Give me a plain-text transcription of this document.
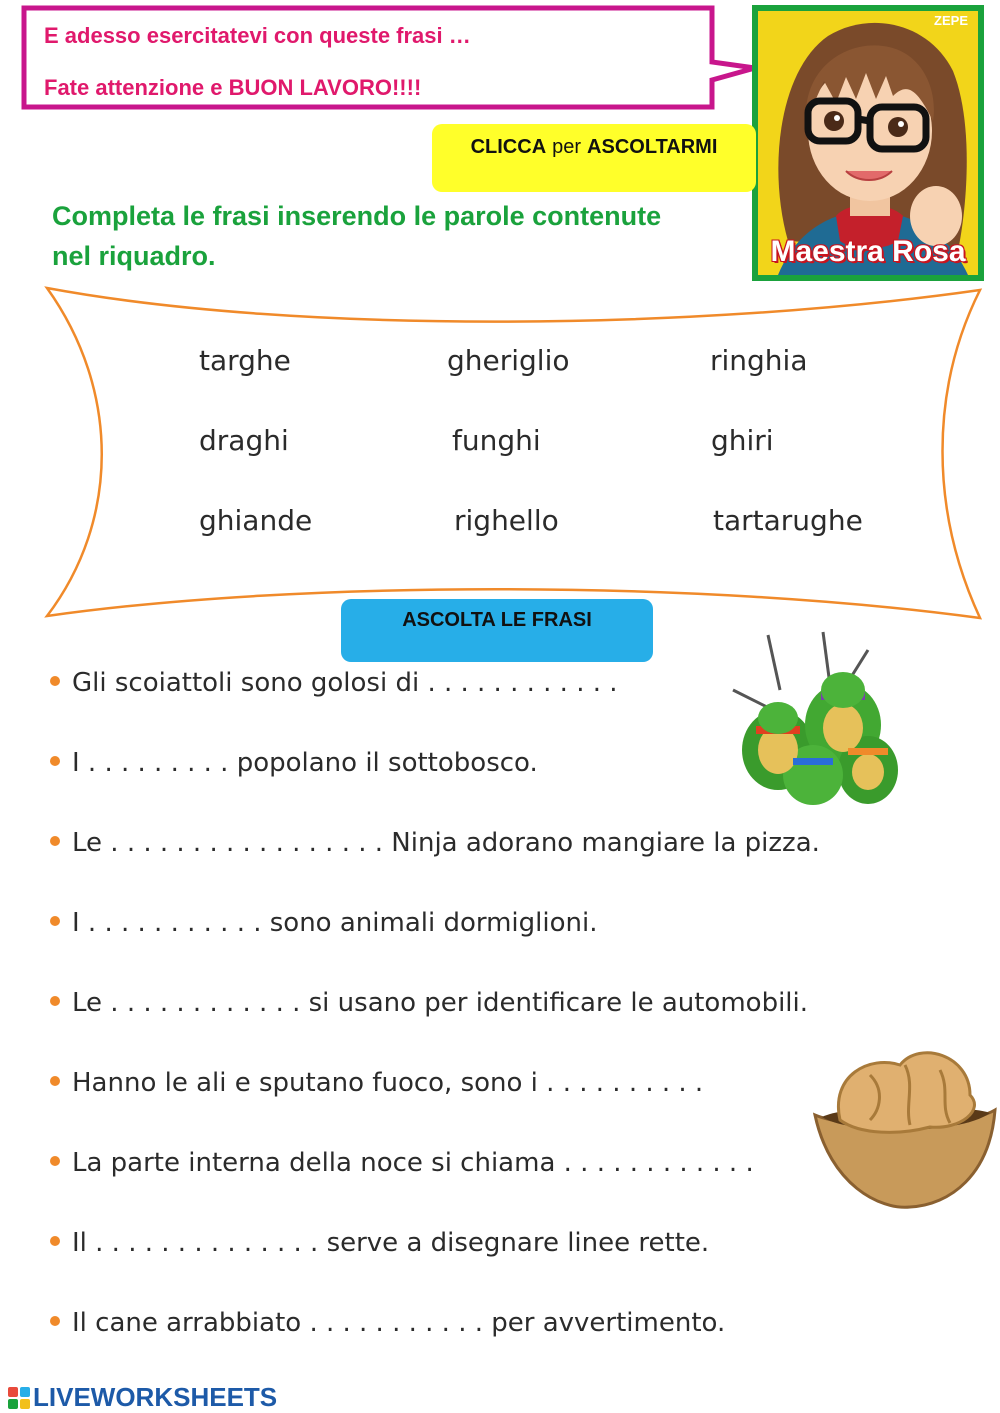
E adesso esercitatevi con queste frasi …
Fate attenzione e BUON LAVORO!!!!
ZEPE
Maestra Rosa
CLICCA per ASCOLTARMI
Completa le frasi inserendo le parole contenute
nel riquadro.
targhe	gheriglio	ringhia
draghi	funghi	ghiri
ghiande	righello	tartarughe
ASCOLTA LE FRASI
Gli scoiattoli sono golosi di . . . . . . . . . . . .
I . . . . . . . . . popolano il sottobosco.
Le . . . . . . . . . . . . . . . . . Ninja adorano mangiare la pizza.
I . . . . . . . . . . . sono animali dormiglioni.
Le . . . . . . . . . . . . si usano per identificare le automobili.
Hanno le ali e sputano fuoco, sono i . . . . . . . . . .
La parte interna della noce si chiama . . . . . . . . . . . .
Il . . . . . . . . . . . . . . serve a disegnare linee rette.
Il cane arrabbiato . . . . . . . . . . . per avvertimento.
LIVEWORKSHEETS
